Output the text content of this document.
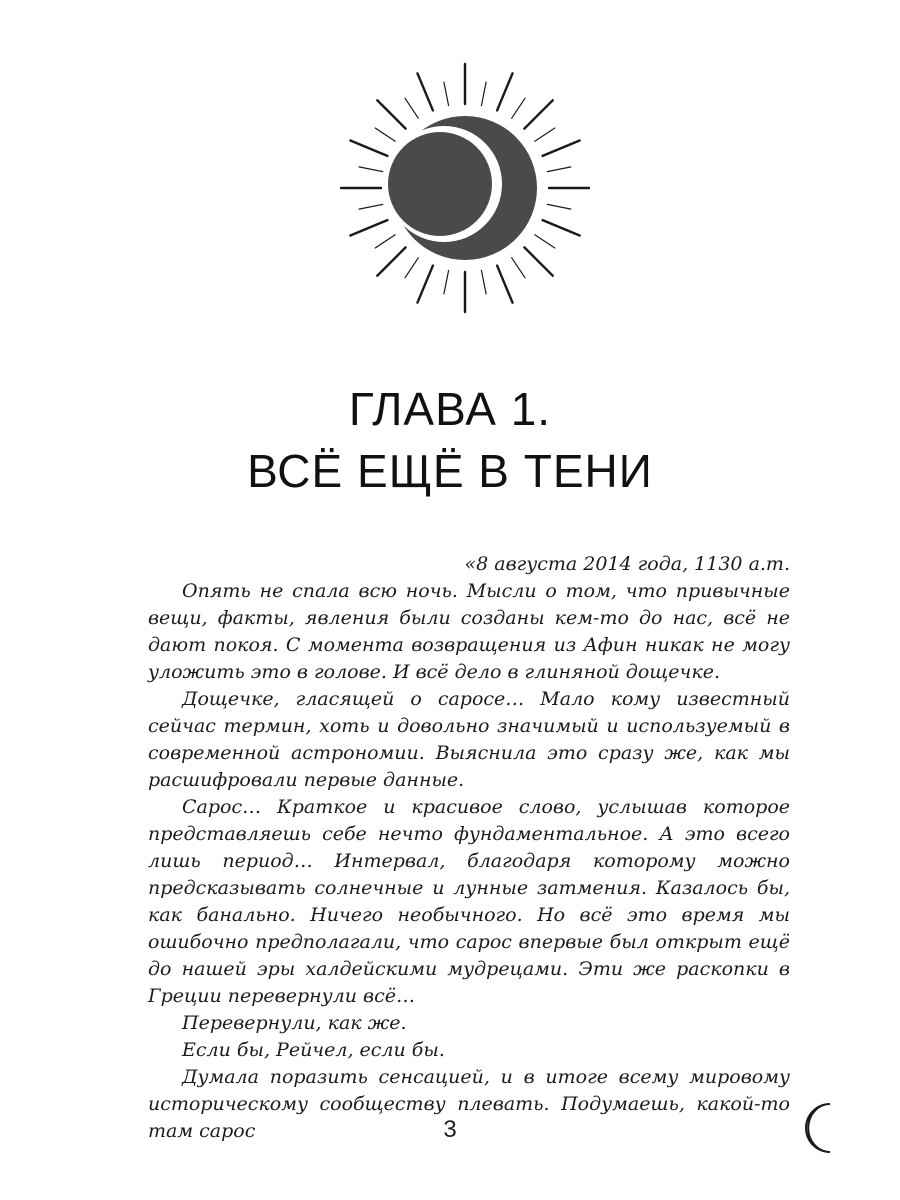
ГЛАВА 1.
ВСЁ ЕЩЁ В ТЕНИ

«8 августа 2014 года, 1130 а.т.

Опять не спала всю ночь. Мысли о том, что привычные вещи, факты, явления были созданы кем-то до нас, всё не дают покоя. С момента возвращения из Афин никак не могу уложить это в голове. И всё дело в глиняной дощечке.

Дощечке, гласящей о саросе… Мало кому известный сейчас термин, хоть и довольно значимый и используемый в современной астрономии. Выяснила это сразу же, как мы расшифровали первые данные.

Сарос… Краткое и красивое слово, услышав которое представляешь себе нечто фундаментальное. А это всего лишь период… Интервал, благодаря которому можно предсказывать солнечные и лунные затмения. Казалось бы, как банально. Ничего необычного. Но всё это время мы ошибочно предполагали, что сарос впервые был открыт ещё до нашей эры халдейскими мудрецами. Эти же раскопки в Греции перевернули всё…

Перевернули, как же.

Если бы, Рейчел, если бы.

Думала поразить сенсацией, и в итоге всему мировому историческому сообществу плевать. Подумаешь, какой-то там сарос	3
